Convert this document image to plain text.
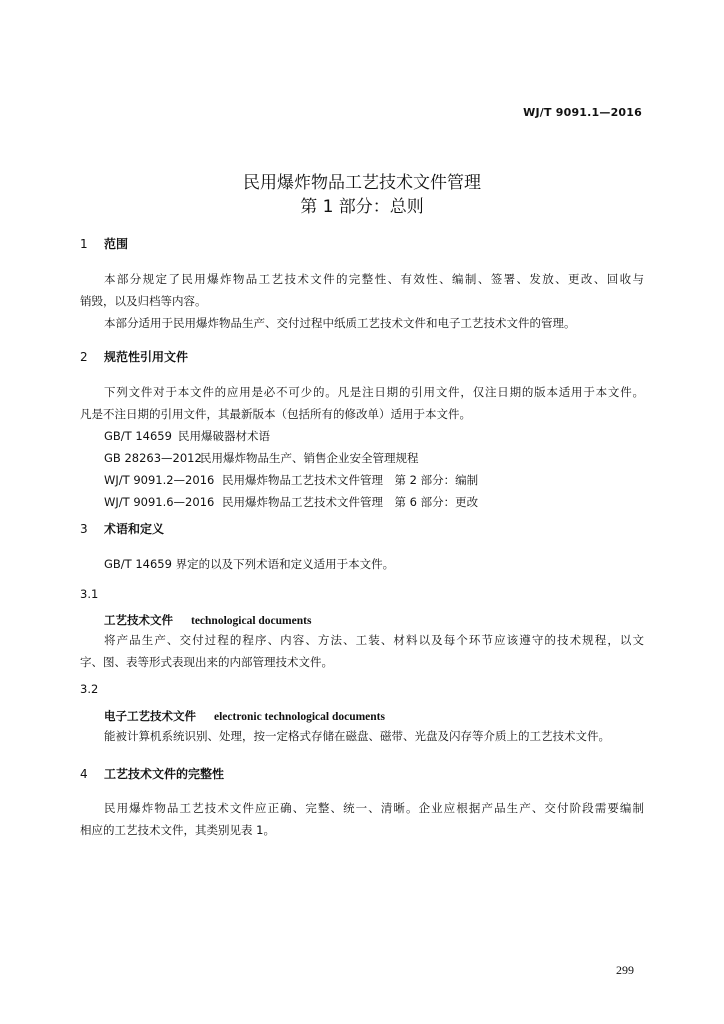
WJ/T 9091.1—2016
民用爆炸物品工艺技术文件管理
第 1 部分：总则
1 范围
本部分规定了民用爆炸物品工艺技术文件的完整性、有效性、编制、签署、发放、更改、回收与
销毁，以及归档等内容。
本部分适用于民用爆炸物品生产、交付过程中纸质工艺技术文件和电子工艺技术文件的管理。
2 规范性引用文件
下列文件对于本文件的应用是必不可少的。凡是注日期的引用文件，仅注日期的版本适用于本文件。
凡是不注日期的引用文件，其最新版本（包括所有的修改单）适用于本文件。
GB/T 14659 民用爆破器材术语
GB 28263—2012民用爆炸物品生产、销售企业安全管理规程
WJ/T 9091.2—2016 民用爆炸物品工艺技术文件管理　第 2 部分：编制
WJ/T 9091.6—2016 民用爆炸物品工艺技术文件管理　第 6 部分：更改
3 术语和定义
GB/T 14659 界定的以及下列术语和定义适用于本文件。
3.1
工艺技术文件 technological documents
将产品生产、交付过程的程序、内容、方法、工装、材料以及每个环节应该遵守的技术规程，以文
字、图、表等形式表现出来的内部管理技术文件。
3.2
电子工艺技术文件 electronic technological documents
能被计算机系统识别、处理，按一定格式存储在磁盘、磁带、光盘及闪存等介质上的工艺技术文件。
4 工艺技术文件的完整性
民用爆炸物品工艺技术文件应正确、完整、统一、清晰。企业应根据产品生产、交付阶段需要编制
相应的工艺技术文件，其类别见表 1。
299
